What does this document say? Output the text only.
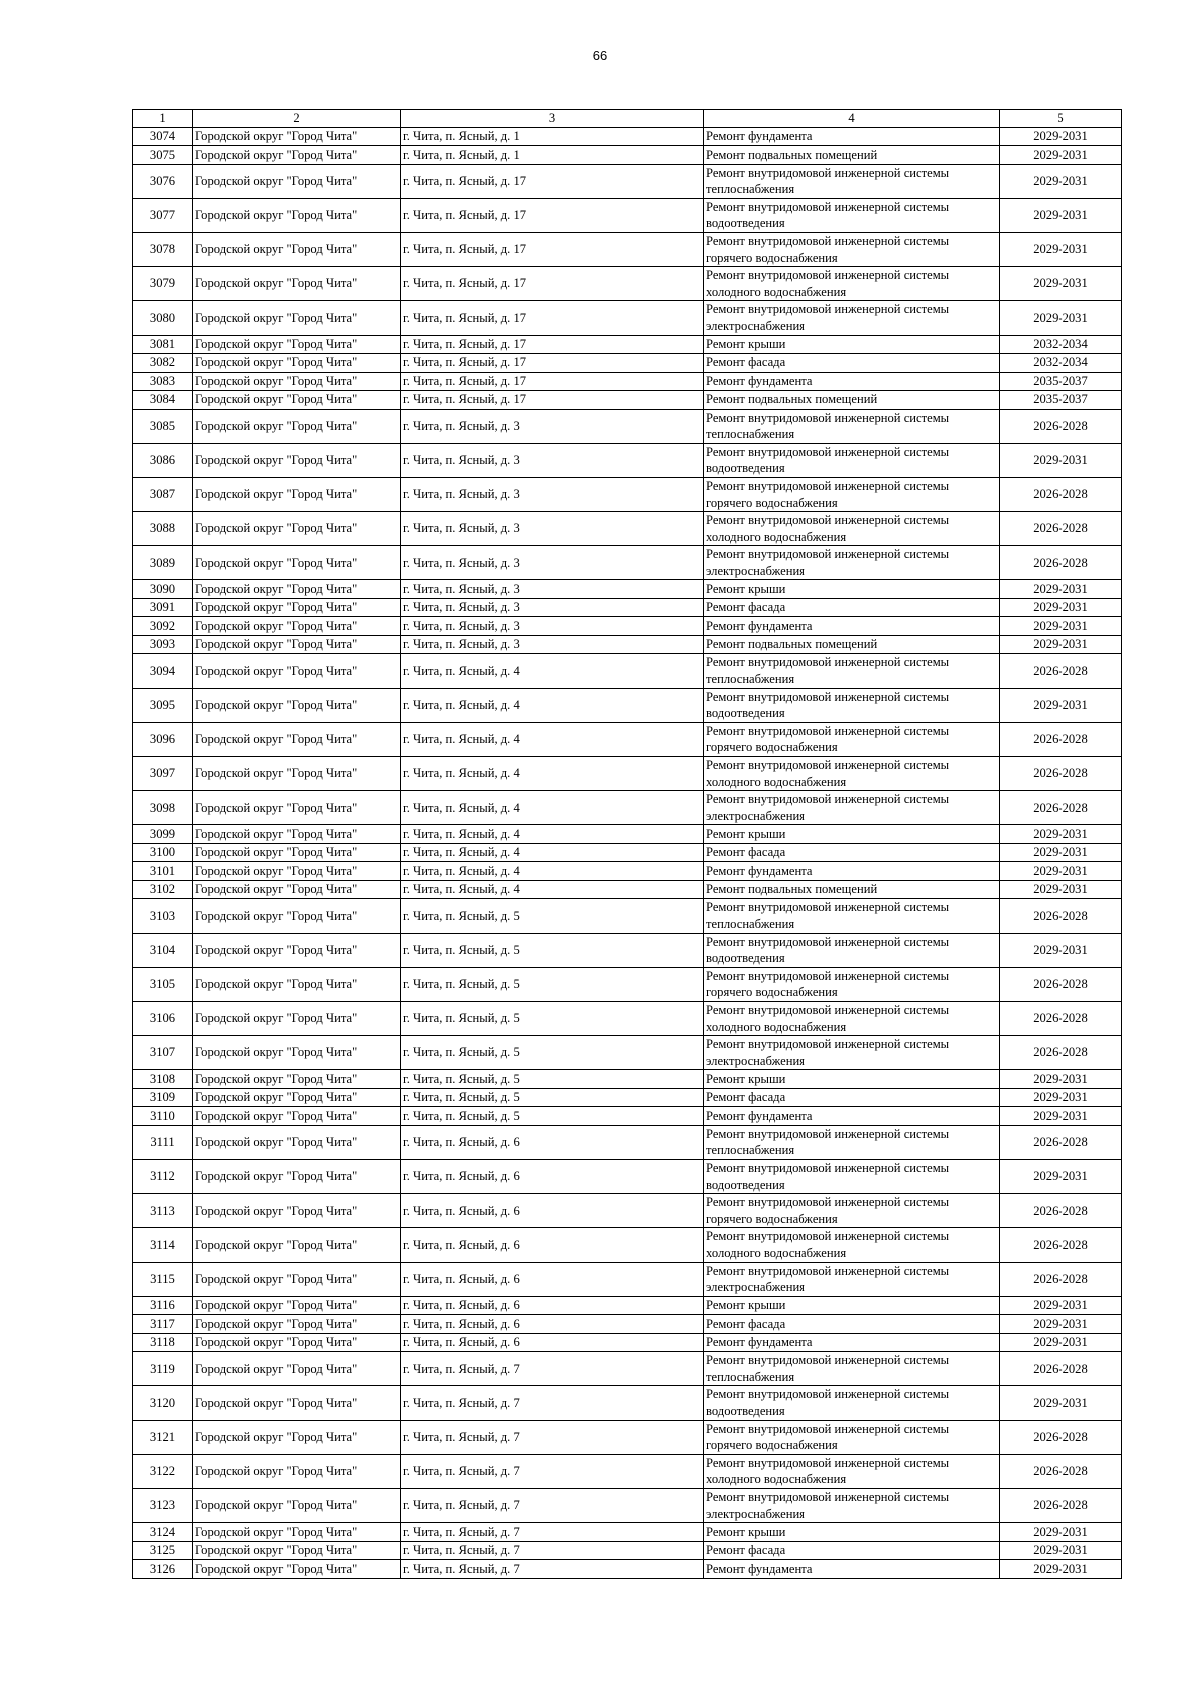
66
1	2	3	4	5
3074	Городской округ "Город Чита"	г. Чита, п. Ясный, д. 1	Ремонт фундамента	2029-2031
3075	Городской округ "Город Чита"	г. Чита, п. Ясный, д. 1	Ремонт подвальных помещений	2029-2031
3076	Городской округ "Город Чита"	г. Чита, п. Ясный, д. 17	Ремонт внутридомовой инженерной системы теплоснабжения	2029-2031
3077	Городской округ "Город Чита"	г. Чита, п. Ясный, д. 17	Ремонт внутридомовой инженерной системы водоотведения	2029-2031
3078	Городской округ "Город Чита"	г. Чита, п. Ясный, д. 17	Ремонт внутридомовой инженерной системы горячего водоснабжения	2029-2031
3079	Городской округ "Город Чита"	г. Чита, п. Ясный, д. 17	Ремонт внутридомовой инженерной системы холодного водоснабжения	2029-2031
3080	Городской округ "Город Чита"	г. Чита, п. Ясный, д. 17	Ремонт внутридомовой инженерной системы электроснабжения	2029-2031
3081	Городской округ "Город Чита"	г. Чита, п. Ясный, д. 17	Ремонт крыши	2032-2034
3082	Городской округ "Город Чита"	г. Чита, п. Ясный, д. 17	Ремонт фасада	2032-2034
3083	Городской округ "Город Чита"	г. Чита, п. Ясный, д. 17	Ремонт фундамента	2035-2037
3084	Городской округ "Город Чита"	г. Чита, п. Ясный, д. 17	Ремонт подвальных помещений	2035-2037
3085	Городской округ "Город Чита"	г. Чита, п. Ясный, д. 3	Ремонт внутридомовой инженерной системы теплоснабжения	2026-2028
3086	Городской округ "Город Чита"	г. Чита, п. Ясный, д. 3	Ремонт внутридомовой инженерной системы водоотведения	2029-2031
3087	Городской округ "Город Чита"	г. Чита, п. Ясный, д. 3	Ремонт внутридомовой инженерной системы горячего водоснабжения	2026-2028
3088	Городской округ "Город Чита"	г. Чита, п. Ясный, д. 3	Ремонт внутридомовой инженерной системы холодного водоснабжения	2026-2028
3089	Городской округ "Город Чита"	г. Чита, п. Ясный, д. 3	Ремонт внутридомовой инженерной системы электроснабжения	2026-2028
3090	Городской округ "Город Чита"	г. Чита, п. Ясный, д. 3	Ремонт крыши	2029-2031
3091	Городской округ "Город Чита"	г. Чита, п. Ясный, д. 3	Ремонт фасада	2029-2031
3092	Городской округ "Город Чита"	г. Чита, п. Ясный, д. 3	Ремонт фундамента	2029-2031
3093	Городской округ "Город Чита"	г. Чита, п. Ясный, д. 3	Ремонт подвальных помещений	2029-2031
3094	Городской округ "Город Чита"	г. Чита, п. Ясный, д. 4	Ремонт внутридомовой инженерной системы теплоснабжения	2026-2028
3095	Городской округ "Город Чита"	г. Чита, п. Ясный, д. 4	Ремонт внутридомовой инженерной системы водоотведения	2029-2031
3096	Городской округ "Город Чита"	г. Чита, п. Ясный, д. 4	Ремонт внутридомовой инженерной системы горячего водоснабжения	2026-2028
3097	Городской округ "Город Чита"	г. Чита, п. Ясный, д. 4	Ремонт внутридомовой инженерной системы холодного водоснабжения	2026-2028
3098	Городской округ "Город Чита"	г. Чита, п. Ясный, д. 4	Ремонт внутридомовой инженерной системы электроснабжения	2026-2028
3099	Городской округ "Город Чита"	г. Чита, п. Ясный, д. 4	Ремонт крыши	2029-2031
3100	Городской округ "Город Чита"	г. Чита, п. Ясный, д. 4	Ремонт фасада	2029-2031
3101	Городской округ "Город Чита"	г. Чита, п. Ясный, д. 4	Ремонт фундамента	2029-2031
3102	Городской округ "Город Чита"	г. Чита, п. Ясный, д. 4	Ремонт подвальных помещений	2029-2031
3103	Городской округ "Город Чита"	г. Чита, п. Ясный, д. 5	Ремонт внутридомовой инженерной системы теплоснабжения	2026-2028
3104	Городской округ "Город Чита"	г. Чита, п. Ясный, д. 5	Ремонт внутридомовой инженерной системы водоотведения	2029-2031
3105	Городской округ "Город Чита"	г. Чита, п. Ясный, д. 5	Ремонт внутридомовой инженерной системы горячего водоснабжения	2026-2028
3106	Городской округ "Город Чита"	г. Чита, п. Ясный, д. 5	Ремонт внутридомовой инженерной системы холодного водоснабжения	2026-2028
3107	Городской округ "Город Чита"	г. Чита, п. Ясный, д. 5	Ремонт внутридомовой инженерной системы электроснабжения	2026-2028
3108	Городской округ "Город Чита"	г. Чита, п. Ясный, д. 5	Ремонт крыши	2029-2031
3109	Городской округ "Город Чита"	г. Чита, п. Ясный, д. 5	Ремонт фасада	2029-2031
3110	Городской округ "Город Чита"	г. Чита, п. Ясный, д. 5	Ремонт фундамента	2029-2031
3111	Городской округ "Город Чита"	г. Чита, п. Ясный, д. 6	Ремонт внутридомовой инженерной системы теплоснабжения	2026-2028
3112	Городской округ "Город Чита"	г. Чита, п. Ясный, д. 6	Ремонт внутридомовой инженерной системы водоотведения	2029-2031
3113	Городской округ "Город Чита"	г. Чита, п. Ясный, д. 6	Ремонт внутридомовой инженерной системы горячего водоснабжения	2026-2028
3114	Городской округ "Город Чита"	г. Чита, п. Ясный, д. 6	Ремонт внутридомовой инженерной системы холодного водоснабжения	2026-2028
3115	Городской округ "Город Чита"	г. Чита, п. Ясный, д. 6	Ремонт внутридомовой инженерной системы электроснабжения	2026-2028
3116	Городской округ "Город Чита"	г. Чита, п. Ясный, д. 6	Ремонт крыши	2029-2031
3117	Городской округ "Город Чита"	г. Чита, п. Ясный, д. 6	Ремонт фасада	2029-2031
3118	Городской округ "Город Чита"	г. Чита, п. Ясный, д. 6	Ремонт фундамента	2029-2031
3119	Городской округ "Город Чита"	г. Чита, п. Ясный, д. 7	Ремонт внутридомовой инженерной системы теплоснабжения	2026-2028
3120	Городской округ "Город Чита"	г. Чита, п. Ясный, д. 7	Ремонт внутридомовой инженерной системы водоотведения	2029-2031
3121	Городской округ "Город Чита"	г. Чита, п. Ясный, д. 7	Ремонт внутридомовой инженерной системы горячего водоснабжения	2026-2028
3122	Городской округ "Город Чита"	г. Чита, п. Ясный, д. 7	Ремонт внутридомовой инженерной системы холодного водоснабжения	2026-2028
3123	Городской округ "Город Чита"	г. Чита, п. Ясный, д. 7	Ремонт внутридомовой инженерной системы электроснабжения	2026-2028
3124	Городской округ "Город Чита"	г. Чита, п. Ясный, д. 7	Ремонт крыши	2029-2031
3125	Городской округ "Город Чита"	г. Чита, п. Ясный, д. 7	Ремонт фасада	2029-2031
3126	Городской округ "Город Чита"	г. Чита, п. Ясный, д. 7	Ремонт фундамента	2029-2031
